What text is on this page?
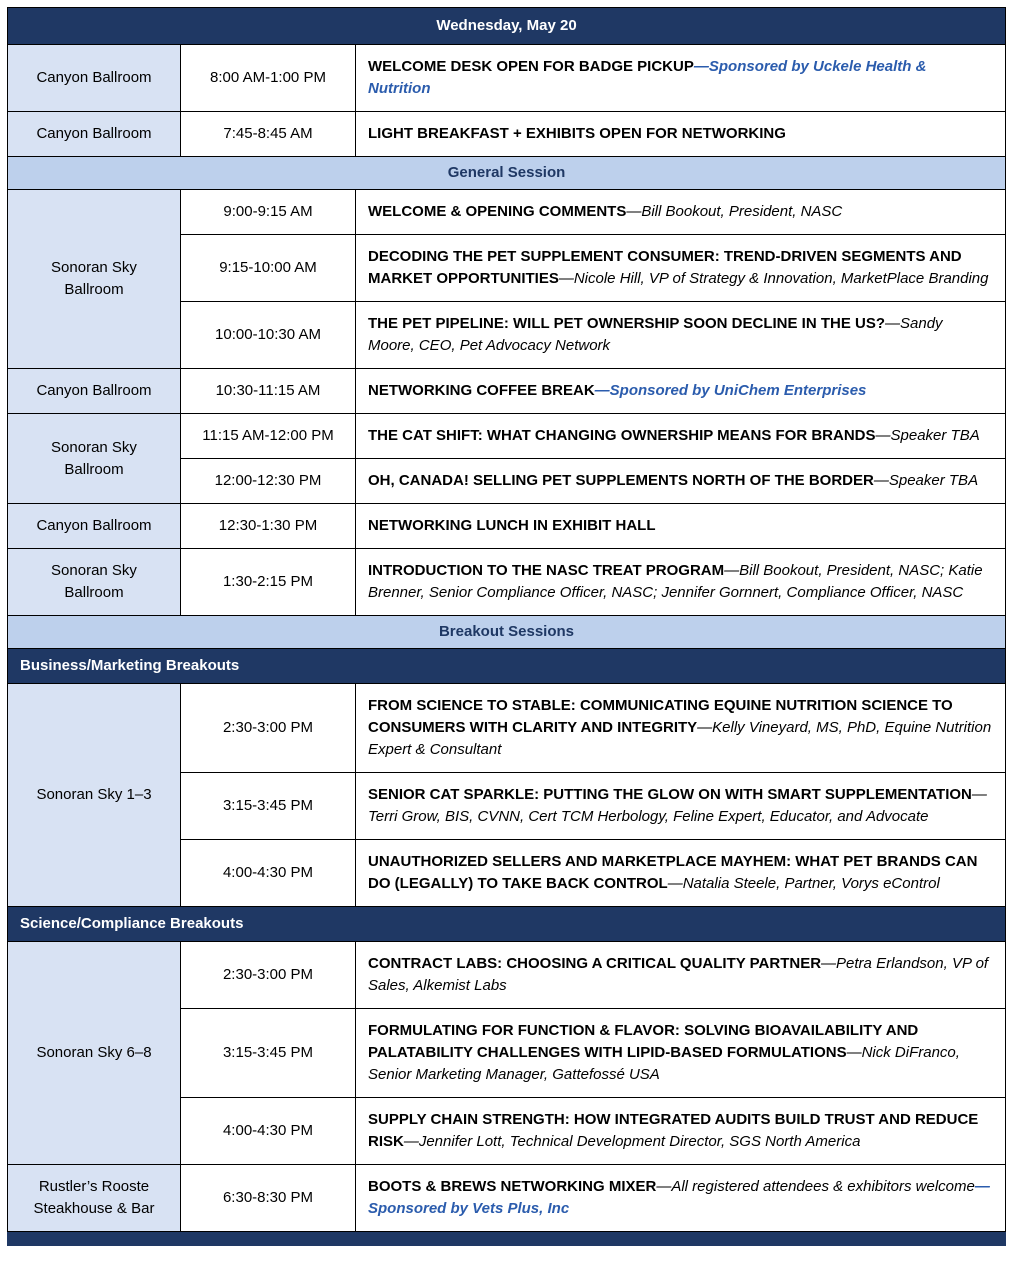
Wednesday, May 20		
Canyon Ballroom	8:00 AM-1:00 PM	WELCOME DESK OPEN FOR BADGE PICKUP—Sponsored by Uckele Health & Nutrition
Canyon Ballroom	7:45-8:45 AM	LIGHT BREAKFAST + EXHIBITS OPEN FOR NETWORKING
General Session		
Sonoran Sky Ballroom	9:00-9:15 AM	WELCOME & OPENING COMMENTS—Bill Bookout, President, NASC
	9:15-10:00 AM	DECODING THE PET SUPPLEMENT CONSUMER: TREND-DRIVEN SEGMENTS AND MARKET OPPORTUNITIES—Nicole Hill, VP of Strategy & Innovation, MarketPlace Branding
	10:00-10:30 AM	THE PET PIPELINE: WILL PET OWNERSHIP SOON DECLINE IN THE US?—Sandy Moore, CEO, Pet Advocacy Network
Canyon Ballroom	10:30-11:15 AM	NETWORKING COFFEE BREAK—Sponsored by UniChem Enterprises
Sonoran Sky Ballroom	11:15 AM-12:00 PM	THE CAT SHIFT: WHAT CHANGING OWNERSHIP MEANS FOR BRANDS—Speaker TBA
	12:00-12:30 PM	OH, CANADA! SELLING PET SUPPLEMENTS NORTH OF THE BORDER—Speaker TBA
Canyon Ballroom	12:30-1:30 PM	NETWORKING LUNCH IN EXHIBIT HALL
Sonoran Sky Ballroom	1:30-2:15 PM	INTRODUCTION TO THE NASC TREAT PROGRAM—Bill Bookout, President, NASC; Katie Brenner, Senior Compliance Officer, NASC; Jennifer Gornnert, Compliance Officer, NASC
Breakout Sessions		
Business/Marketing Breakouts		
Sonoran Sky 1–3	2:30-3:00 PM	FROM SCIENCE TO STABLE: COMMUNICATING EQUINE NUTRITION SCIENCE TO CONSUMERS WITH CLARITY AND INTEGRITY—Kelly Vineyard, MS, PhD, Equine Nutrition Expert & Consultant
	3:15-3:45 PM	SENIOR CAT SPARKLE: PUTTING THE GLOW ON WITH SMART SUPPLEMENTATION—Terri Grow, BIS, CVNN, Cert TCM Herbology, Feline Expert, Educator, and Advocate
	4:00-4:30 PM	UNAUTHORIZED SELLERS AND MARKETPLACE MAYHEM: WHAT PET BRANDS CAN DO (LEGALLY) TO TAKE BACK CONTROL—Natalia Steele, Partner, Vorys eControl
Science/Compliance Breakouts		
Sonoran Sky 6–8	2:30-3:00 PM	CONTRACT LABS: CHOOSING A CRITICAL QUALITY PARTNER—Petra Erlandson, VP of Sales, Alkemist Labs
	3:15-3:45 PM	FORMULATING FOR FUNCTION & FLAVOR: SOLVING BIOAVAILABILITY AND PALATABILITY CHALLENGES WITH LIPID-BASED FORMULATIONS—Nick DiFranco, Senior Marketing Manager, Gattefossé USA
	4:00-4:30 PM	SUPPLY CHAIN STRENGTH: HOW INTEGRATED AUDITS BUILD TRUST AND REDUCE RISK—Jennifer Lott, Technical Development Director, SGS North America
Rustler’s Rooste Steakhouse & Bar	6:30-8:30 PM	BOOTS & BREWS NETWORKING MIXER—All registered attendees & exhibitors welcome—Sponsored by Vets Plus, Inc
